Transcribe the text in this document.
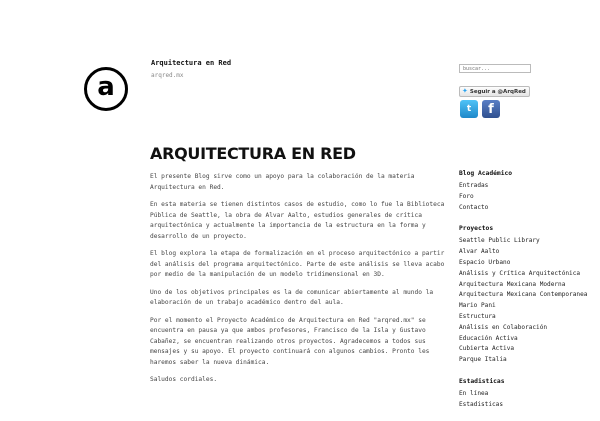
a
Arquitectura en Red
arqred.mx
buscar...
✦ Seguir a @ArqRed
t f
ARQUITECTURA EN RED

El presente Blog sirve como un apoyo para la colaboración de la materia Arquitectura en Red.

En esta materia se tienen distintos casos de estudio, como lo fue la Biblioteca Pública de Seattle, la obra de Alvar Aalto, estudios generales de crítica arquitectónica y actualmente la importancia de la estructura en la forma y desarrollo de un proyecto.

El blog explora la etapa de formalización en el proceso arquitectónico a partir del análisis del programa arquitectónico. Parte de este análisis se lleva acabo por medio de la manipulación de un modelo tridimensional en 3D.

Uno de los objetivos principales es la de comunicar abiertamente al mundo la elaboración de un trabajo académico dentro del aula.

Por el momento el Proyecto Académico de Arquitectura en Red "arqred.mx" se encuentra en pausa ya que ambos profesores, Francisco de la Isla y Gustavo Cabañez, se encuentran realizando otros proyectos. Agradecemos a todos sus mensajes y su apoyo. El proyecto continuará con algunos cambios. Pronto les haremos saber la nueva dinámica.

Saludos cordiales.

Blog Académico
Entradas
Foro
Contacto
Proyectos
Seattle Public Library
Alvar Aalto
Espacio Urbano
Análisis y Crítica Arquitectónica
Arquitectura Mexicana Moderna
Arquitectura Mexicana Contemporanea
Mario Pani
Estructura
Análisis en Colaboración
Educación Activa
Cubierta Activa
Parque Italia
Estadisticas
En línea
Estadisticas
